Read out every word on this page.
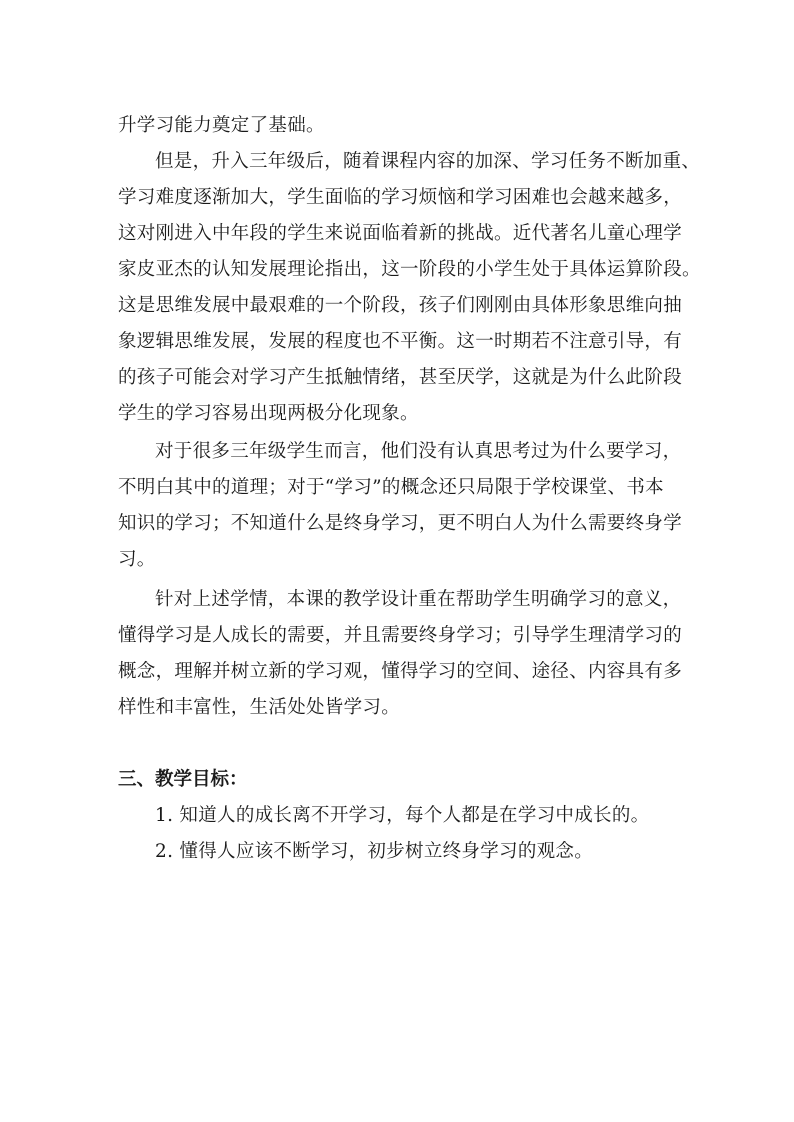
升学习能力奠定了基础。
但是，升入三年级后，随着课程内容的加深、学习任务不断加重、
学习难度逐渐加大，学生面临的学习烦恼和学习困难也会越来越多，
这对刚进入中年段的学生来说面临着新的挑战。近代著名儿童心理学
家皮亚杰的认知发展理论指出，这一阶段的小学生处于具体运算阶段。
这是思维发展中最艰难的一个阶段，孩子们刚刚由具体形象思维向抽
象逻辑思维发展，发展的程度也不平衡。这一时期若不注意引导，有
的孩子可能会对学习产生抵触情绪，甚至厌学，这就是为什么此阶段
学生的学习容易出现两极分化现象。
对于很多三年级学生而言，他们没有认真思考过为什么要学习，
不明白其中的道理；对于“学习”的概念还只局限于学校课堂、书本
知识的学习；不知道什么是终身学习，更不明白人为什么需要终身学
习。
针对上述学情，本课的教学设计重在帮助学生明确学习的意义，
懂得学习是人成长的需要，并且需要终身学习；引导学生理清学习的
概念，理解并树立新的学习观，懂得学习的空间、途径、内容具有多
样性和丰富性，生活处处皆学习。
三、教学目标：
1. 知道人的成长离不开学习，每个人都是在学习中成长的。
2. 懂得人应该不断学习，初步树立终身学习的观念。
